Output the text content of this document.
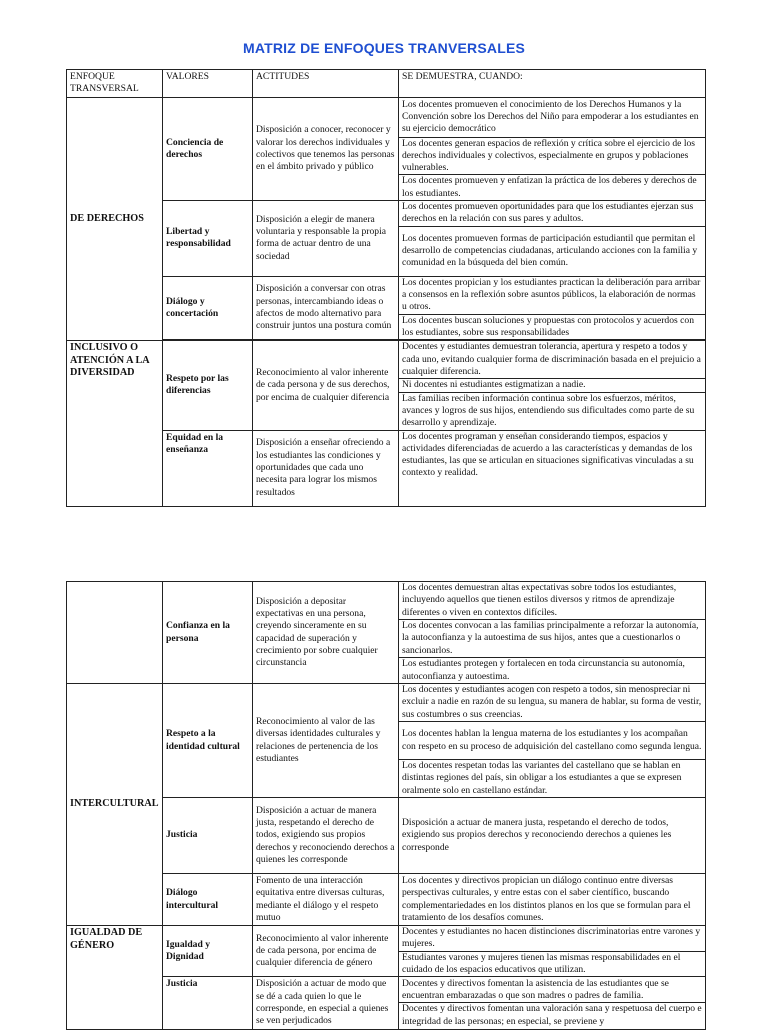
MATRIZ DE ENFOQUES TRANVERSALES
ENFOQUE TRANSVERSAL	VALORES	ACTITUDES	SE DEMUESTRA, CUANDO:
DE DERECHOS	Conciencia de derechos	Disposición a conocer, reconocer y valorar los derechos individuales y colectivos que tenemos las personas en el ámbito privado y público	Los docentes promueven el conocimiento de los Derechos Humanos y la Convención sobre los Derechos del Niño para empoderar a los estudiantes en su ejercicio democrático
			Los docentes generan espacios de reflexión y crítica sobre el ejercicio de los derechos individuales y colectivos, especialmente en grupos y poblaciones vulnerables.
			Los docentes promueven y enfatizan la práctica de los deberes y derechos de los estudiantes.
	Libertad y responsabilidad	Disposición a elegir de manera voluntaria y responsable la propia forma de actuar dentro de una sociedad	Los docentes promueven oportunidades para que los estudiantes ejerzan sus derechos en la relación con sus pares y adultos.
			Los docentes promueven formas de participación estudiantil que permitan el desarrollo de competencias ciudadanas, articulando acciones con la familia y comunidad en la búsqueda del bien común.
	Diálogo y concertación	Disposición a conversar con otras personas, intercambiando ideas o afectos de modo alternativo para construir juntos una postura común	Los docentes propician y los estudiantes practican la deliberación para arribar a consensos en la reflexión sobre asuntos públicos, la elaboración de normas u otros.
			Los docentes buscan soluciones y propuestas con protocolos y acuerdos con los estudiantes, sobre sus responsabilidades

INCLUSIVO O ATENCIÓN A LA DIVERSIDAD	Respeto por las diferencias	Reconocimiento al valor inherente de cada persona y de sus derechos, por encima de cualquier diferencia	Docentes y estudiantes demuestran tolerancia, apertura y respeto a todos y cada uno, evitando cualquier forma de discriminación basada en el prejuicio a cualquier diferencia.
			Ni docentes ni estudiantes estigmatizan a nadie.
			Las familias reciben información continua sobre los esfuerzos, méritos, avances y logros de sus hijos, entendiendo sus dificultades como parte de su desarrollo y aprendizaje.
	Equidad en la enseñanza	Disposición a enseñar ofreciendo a los estudiantes las condiciones y oportunidades que cada uno necesita para lograr los mismos resultados	Los docentes programan y enseñan considerando tiempos, espacios y actividades diferenciadas de acuerdo a las características y demandas de los estudiantes, las que se articulan en situaciones significativas vinculadas a su contexto y realidad.
	Confianza en la persona	Disposición a depositar expectativas en una persona, creyendo sinceramente en su capacidad de superación y crecimiento por sobre cualquier circunstancia	Los docentes demuestran altas expectativas sobre todos los estudiantes, incluyendo aquellos que tienen estilos diversos y ritmos de aprendizaje diferentes o viven en contextos difíciles.
			Los docentes convocan a las familias principalmente a reforzar la autonomía, la autoconfianza y la autoestima de sus hijos, antes que a cuestionarlos o sancionarlos.
			Los estudiantes protegen y fortalecen en toda circunstancia su autonomía, autoconfianza y autoestima.
INTERCULTURAL	Respeto a la identidad cultural	Reconocimiento al valor de las diversas identidades culturales y relaciones de pertenencia de los estudiantes	Los docentes y estudiantes acogen con respeto a todos, sin menospreciar ni excluir a nadie en razón de su lengua, su manera de hablar, su forma de vestir, sus costumbres o sus creencias.
			Los docentes hablan la lengua materna de los estudiantes y los acompañan con respeto en su proceso de adquisición del castellano como segunda lengua.
			Los docentes respetan todas las variantes del castellano que se hablan en distintas regiones del país, sin obligar a los estudiantes a que se expresen oralmente solo en castellano estándar.
	Justicia	Disposición a actuar de manera justa, respetando el derecho de todos, exigiendo sus propios derechos y reconociendo derechos a quienes les corresponde	Disposición a actuar de manera justa, respetando el derecho de todos, exigiendo sus propios derechos y reconociendo derechos a quienes les corresponde
	Diálogo intercultural	Fomento de una interacción equitativa entre diversas culturas, mediante el diálogo y el respeto mutuo	Los docentes y directivos propician un diálogo continuo entre diversas perspectivas culturales, y entre estas con el saber científico, buscando complementariedades en los distintos planos en los que se formulan para el tratamiento de los desafíos comunes.
IGUALDAD DE GÉNERO	Igualdad y Dignidad	Reconocimiento al valor inherente de cada persona, por encima de cualquier diferencia de género	Docentes y estudiantes no hacen distinciones discriminatorias entre varones y mujeres.
			Estudiantes varones y mujeres tienen las mismas responsabilidades en el cuidado de los espacios educativos que utilizan.
	Justicia	Disposición a actuar de modo que se dé a cada quien lo que le corresponde, en especial a quienes se ven perjudicados	Docentes y directivos fomentan la asistencia de las estudiantes que se encuentran embarazadas o que son madres o padres de familia.
			Docentes y directivos fomentan una valoración sana y respetuosa del cuerpo e integridad de las personas; en especial, se previene y
